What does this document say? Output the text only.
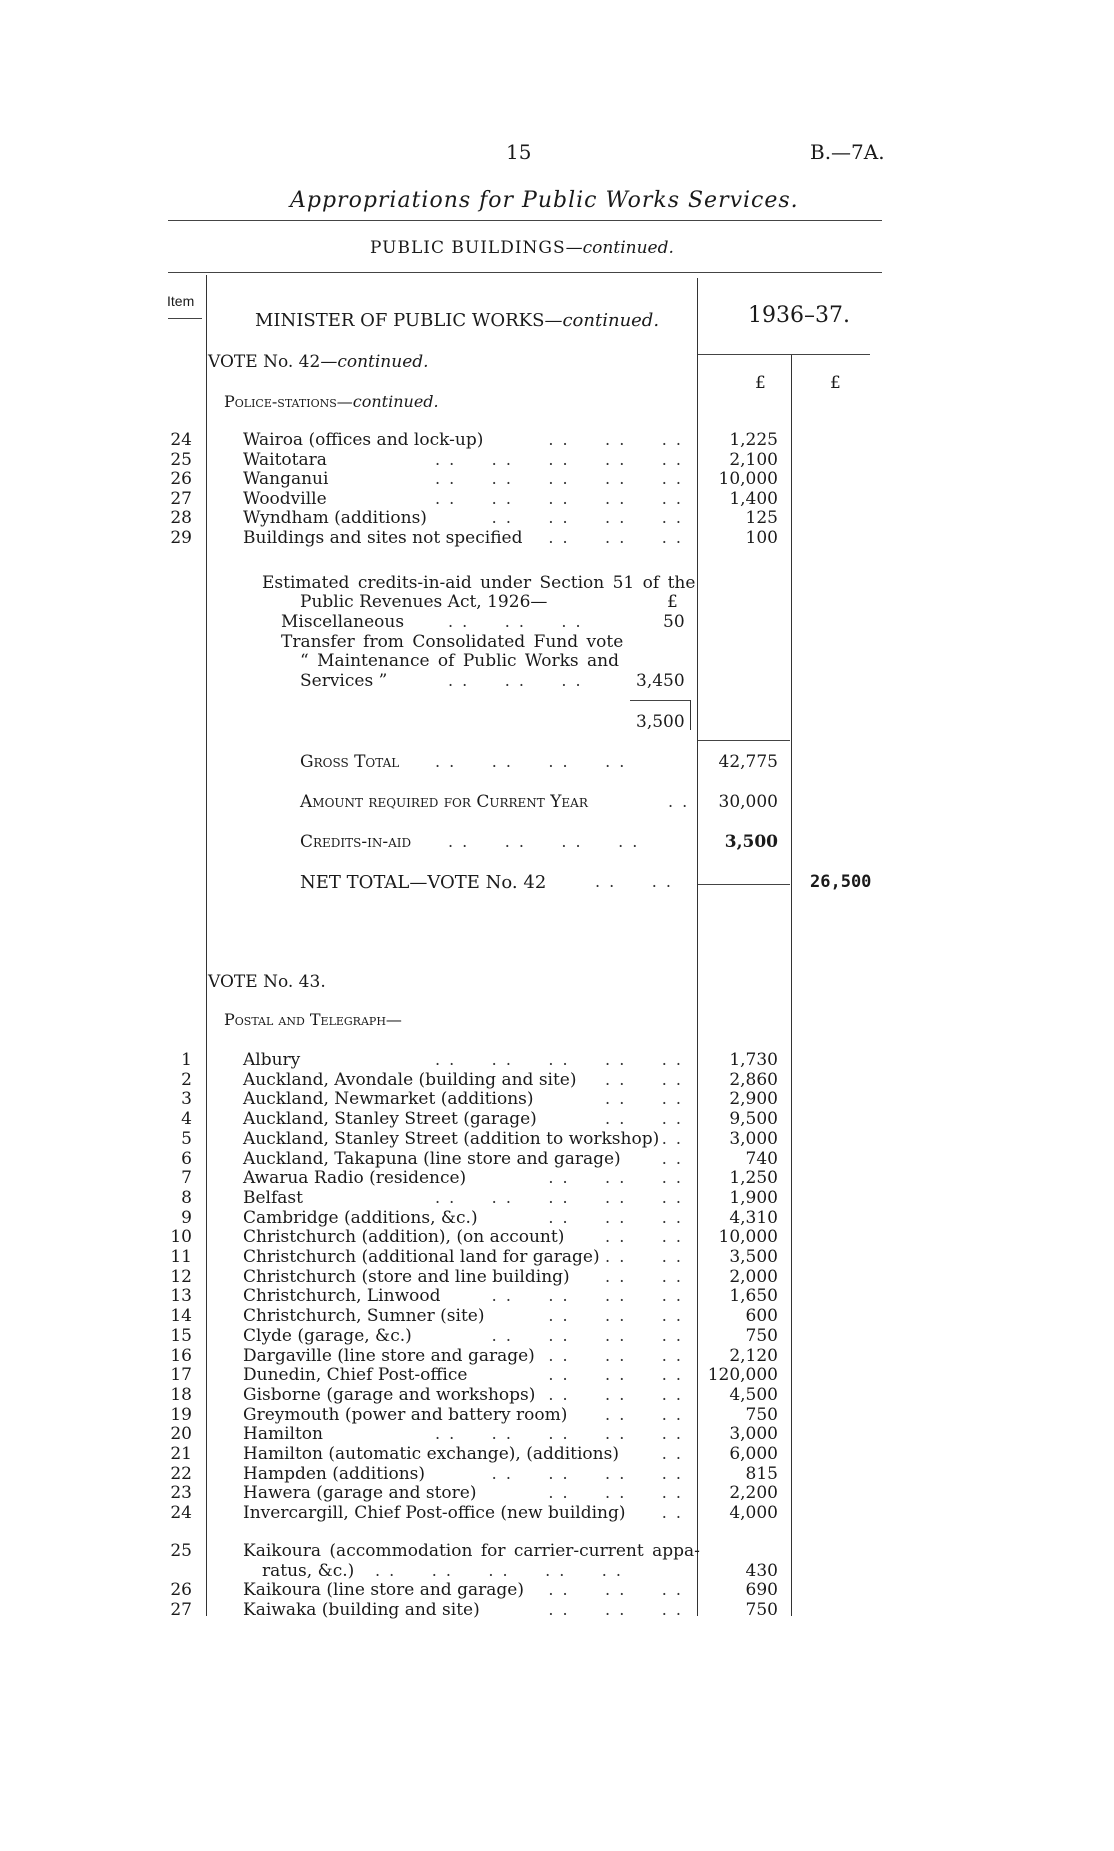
15	B.—7A.
Appropriations for Public Works Services.
PUBLIC BUILDINGS—continued.
Item
MINISTER OF PUBLIC WORKS—continued.	1936–37.
£	£
VOTE No. 42—continued.
Police-stations—continued.
24	Wairoa (offices and lock-up)	. .     . .     . .	1,225
25	Waitotara	. .     . .     . .     . .     . .	2,100
26	Wanganui	. .     . .     . .     . .     . .	10,000
27	Woodville	. .     . .     . .     . .     . .	1,400
28	Wyndham (additions)	. .     . .     . .     . .	125
29	Buildings and sites not specified . .     . .     . .	100
Estimated credits-in-aid under Section 51 of the
Public Revenues Act, 1926—	£
Miscellaneous	. .     . .     . .	50
Transfer from Consolidated Fund vote
“ Maintenance of Public Works and
Services ”	. .     . .     . .	3,450
3,500
Gross Total . .     . .     . .     . .	42,775
Amount required for Current Year	. .	30,000
Credits-in-aid . .     . .     . .     . .	3,500
NET TOTAL—VOTE No. 42	. .     . .	26,500
VOTE No. 43.
Postal and Telegraph—
1	Albury	. .     . .     . .     . .     . .	1,730
2	Auckland, Avondale (building and site) . .     . .	2,860
3	Auckland, Newmarket (additions)	. .     . .	2,900
4	Auckland, Stanley Street (garage)	. .     . .	9,500
5	Auckland, Stanley Street (addition to workshop) . .	3,000
6	Auckland, Takapuna (line store and garage)	. .	740
7	Awarua Radio (residence)	. .     . .     . .	1,250
8	Belfast	. .     . .     . .     . .     . .	1,900
9	Cambridge (additions, &c.)	. .     . .     . .	4,310
10	Christchurch (addition), (on account)	. .     . .	10,000
11	Christchurch (additional land for garage) . .     . .	3,500
12	Christchurch (store and line building) . .     . .	2,000
13	Christchurch, Linwood	. .     . .     . .     . .	1,650
14	Christchurch, Sumner (site)	. .     . .     . .	600
15	Clyde (garage, &c.)	. .     . .     . .     . .	750
16	Dargaville (line store and garage) . .     . .     . .	2,120
17	Dunedin, Chief Post-office	. .     . .     . .	120,000
18	Gisborne (garage and workshops) . .     . .     . .	4,500
19	Greymouth (power and battery room) . .     . .	750
20	Hamilton	. .     . .     . .     . .     . .	3,000
21	Hamilton (automatic exchange), (additions)	. .	6,000
22	Hampden (additions)	. .     . .     . .     . .	815
23	Hawera (garage and store)	. .     . .     . .	2,200
24	Invercargill, Chief Post-office (new building) . .	4,000
25	Kaikoura (accommodation for carrier-current appa-
ratus, &c.) . .     . .     . .     . .     . .	430
26	Kaikoura (line store and garage) . .     . .     . .	690
27	Kaiwaka (building and site)	. .     . .     . .	750
